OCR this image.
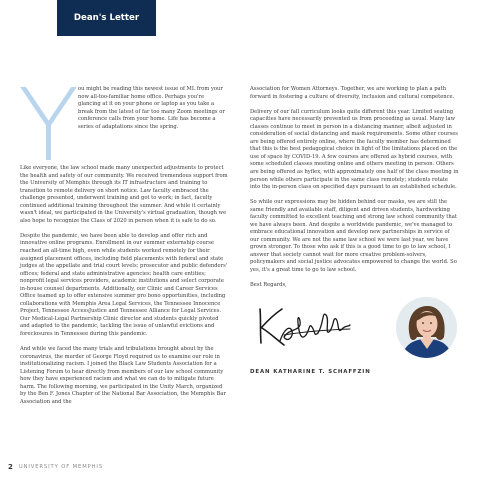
Dean's Letter

Y
ou might be reading this newest issue of ML from your now all-too-familiar home office. Perhaps you're glancing at it on your phone or laptop as you take a break from the latest of far too many Zoom meetings or conference calls from your home. Life has become a series of adaptations since the spring.

Like everyone, the law school made many unexpected adjustments to protect the health and safety of our community. We received tremendous support from the University of Memphis through its IT infrastructure and training to transition to remote delivery on short notice. Law faculty embraced the challenge presented, underwent training and got to work; in fact, faculty continued additional training throughout the summer. And while it certainly wasn't ideal, we participated in the University's virtual graduation, though we also hope to recognize the Class of 2020 in person when it is safe to do so.

Despite the pandemic, we have been able to develop and offer rich and innovative online programs. Enrollment in our summer externship course reached an all-time high, even while students worked remotely for their assigned placement offices, including field placements with federal and state judges at the appellate and trial court levels; prosecutor and public defenders' offices; federal and state administrative agencies; health care entities; nonprofit legal services providers, academic institutions and select corporate in-house counsel departments. Additionally, our Clinic and Career Services Office teamed up to offer extensive summer pro bono opportunities, including collaborations with Memphis Area Legal Services, the Tennessee Innocence Project, Tennessee AccessJustice and Tennessee Alliance for Legal Services. Our Medical-Legal Partnership Clinic director and students quickly pivoted and adapted to the pandemic, tackling the issue of unlawful evictions and foreclosures in Tennessee during this pandemic.

And while we faced the many trials and tribulations brought about by the coronavirus, the murder of George Floyd required us to examine our role in institutionalizing racism. I joined the Black Law Students Association for a Listening Forum to hear directly from members of our law school community how they have experienced racism and what we can do to mitigate future harm. The following morning, we participated in the Unity March, organized by the Ben F. Jones Chapter of the National Bar Association, the Memphis Bar Association and the

Association for Women Attorneys. Together, we are working to plan a path forward in fostering a culture of diversity, inclusion and cultural competence.

Delivery of our fall curriculum looks quite different this year. Limited seating capacities have necessarily prevented us from proceeding as usual. Many law classes continue to meet in person in a distancing manner, albeit adjusted in consideration of social distancing and mask requirements. Some other courses are being offered entirely online, where the faculty member has determined that this is the best pedagogical choice in light of the limitations placed on the use of space by COVID-19. A few courses are offered as hybrid courses, with some scheduled classes meeting online and others meeting in person. Others are being offered as hyflex, with approximately one half of the class meeting in person while others participate in the same class remotely; students rotate into the in-person class on specified days pursuant to an established schedule.

So while our expressions may be hidden behind our masks, we are still the same friendly and available staff, diligent and driven students, hardworking faculty committed to excellent teaching and strong law school community that we have always been. And despite a worldwide pandemic, we've managed to embrace educational innovation and develop new partnerships in service of our community. We are not the same law school we were last year, we have grown stronger. To those who ask if this is a good time to go to law school, I answer that society cannot wait for more creative problem-solvers, policymakers and social justice advocates empowered to change the world. So yes, it's a great time to go to law school.

Best Regards,

DEAN KATHARINE T. SCHAFFZIN
2 UNIVERSITY OF MEMPHIS
